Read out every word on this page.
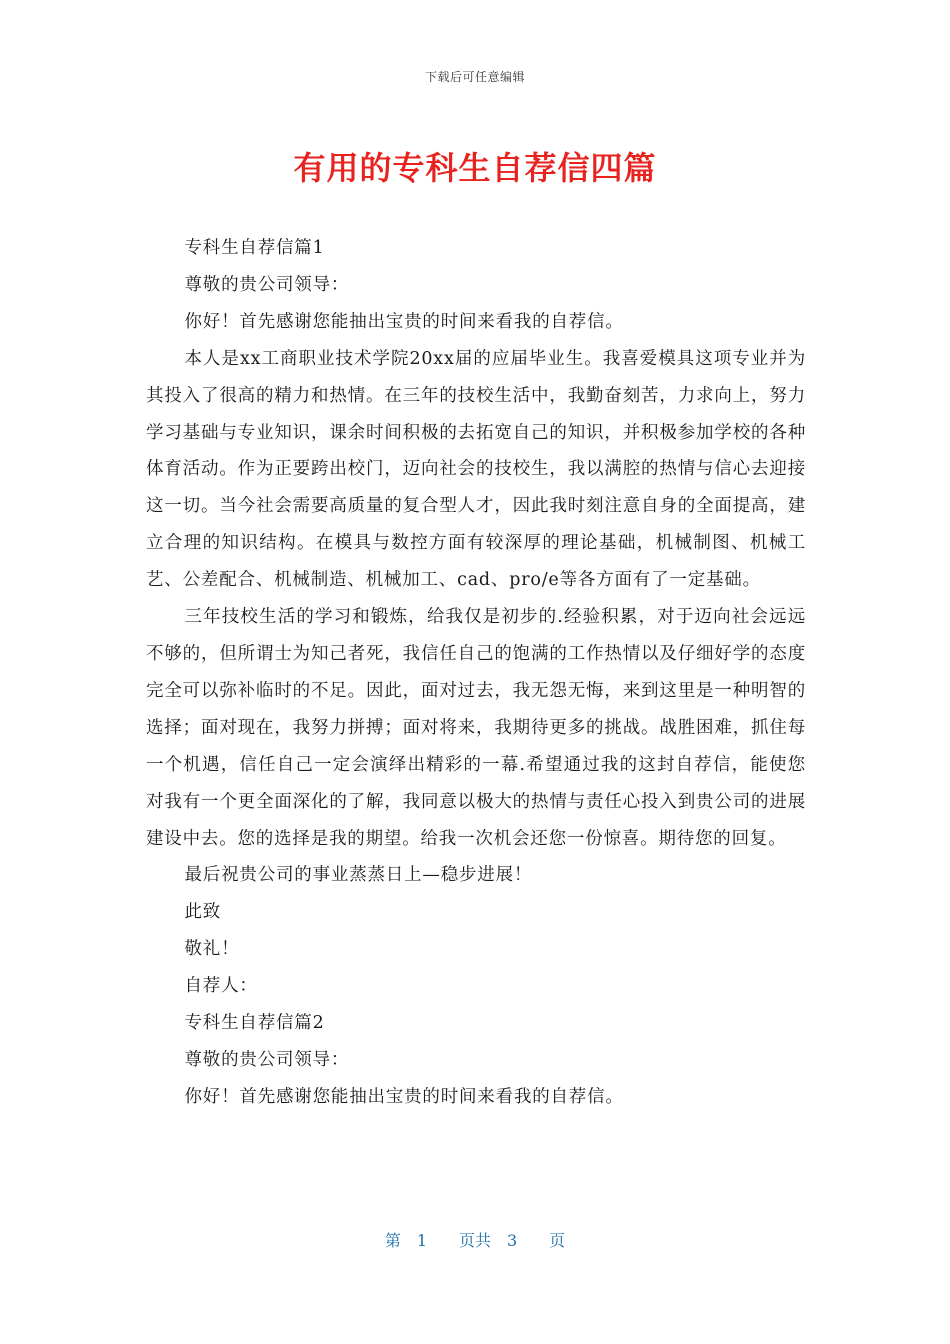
下载后可任意编辑
有用的专科生自荐信四篇

专科生自荐信篇1

尊敬的贵公司领导：

你好！首先感谢您能抽出宝贵的时间来看我的自荐信。

本人是xx工商职业技术学院20xx届的应届毕业生。我喜爱模具这项专业并为其投入了很高的精力和热情。在三年的技校生活中，我勤奋刻苦，力求向上，努力学习基础与专业知识，课余时间积极的去拓宽自己的知识，并积极参加学校的各种体育活动。作为正要跨出校门，迈向社会的技校生，我以满腔的热情与信心去迎接这一切。当今社会需要高质量的复合型人才，因此我时刻注意自身的全面提高，建立合理的知识结构。在模具与数控方面有较深厚的理论基础，机械制图、机械工艺、公差配合、机械制造、机械加工、cad、pro/e等各方面有了一定基础。

三年技校生活的学习和锻炼，给我仅是初步的.经验积累，对于迈向社会远远不够的，但所谓士为知己者死，我信任自己的饱满的工作热情以及仔细好学的态度完全可以弥补临时的不足。因此，面对过去，我无怨无悔，来到这里是一种明智的选择；面对现在，我努力拼搏；面对将来，我期待更多的挑战。战胜困难，抓住每一个机遇，信任自己一定会演绎出精彩的一幕.希望通过我的这封自荐信，能使您对我有一个更全面深化的了解，我同意以极大的热情与责任心投入到贵公司的进展建设中去。您的选择是我的期望。给我一次机会还您一份惊喜。期待您的回复。

最后祝贵公司的事业蒸蒸日上—稳步进展！

此致

敬礼！

自荐人：

专科生自荐信篇2

尊敬的贵公司领导：

你好！首先感谢您能抽出宝贵的时间来看我的自荐信。

第　1　　页共　3　　页
